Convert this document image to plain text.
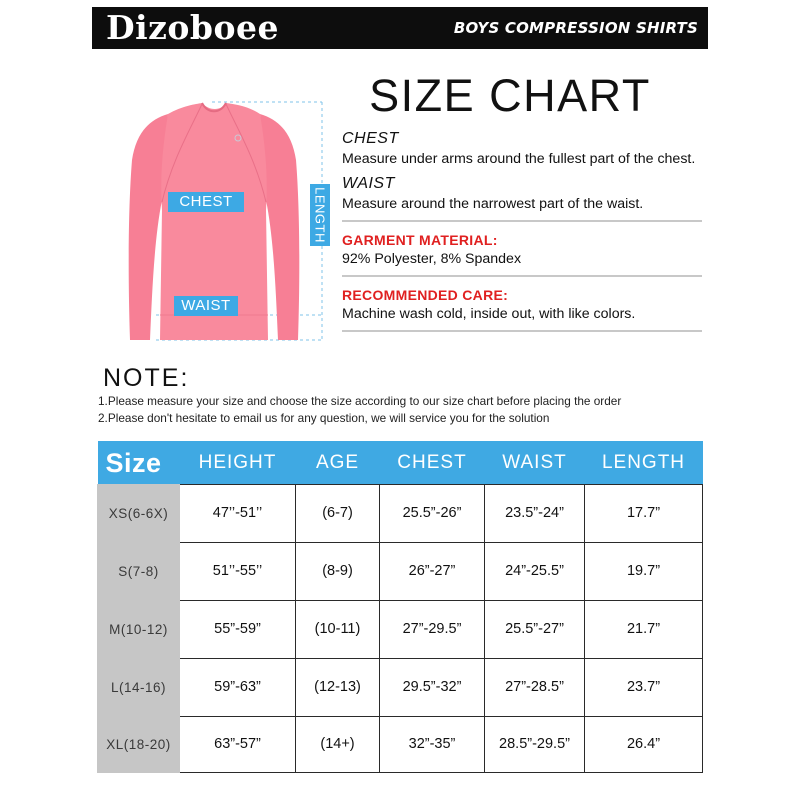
Dizoboee	BOYS COMPRESSION SHIRTS
SIZE CHART
CHEST
WAIST
LENGTH
CHEST
Measure under arms around the fullest part of the chest.
WAIST
Measure around the narrowest part of the waist.
GARMENT MATERIAL:
92% Polyester, 8% Spandex
RECOMMENDED CARE:
Machine wash cold, inside out, with like colors.
NOTE:
1.Please measure your size and choose the size according to our size chart before placing the order
2.Please don't hesitate to email us for any question, we will service you for the solution
Size	HEIGHT	AGE	CHEST	WAIST	LENGTH
XS(6-6X)	47’’-51’’	(6-7)	25.5”-26”	23.5”-24”	17.7”
S(7-8)	51’’-55’’	(8-9)	26”-27”	24”-25.5”	19.7”
M(10-12)	55”-59”	(10-11)	27”-29.5”	25.5”-27”	21.7”
L(14-16)	59”-63”	(12-13)	29.5”-32”	27”-28.5”	23.7”
XL(18-20)	63”-57”	(14+)	32”-35”	28.5”-29.5”	26.4”
